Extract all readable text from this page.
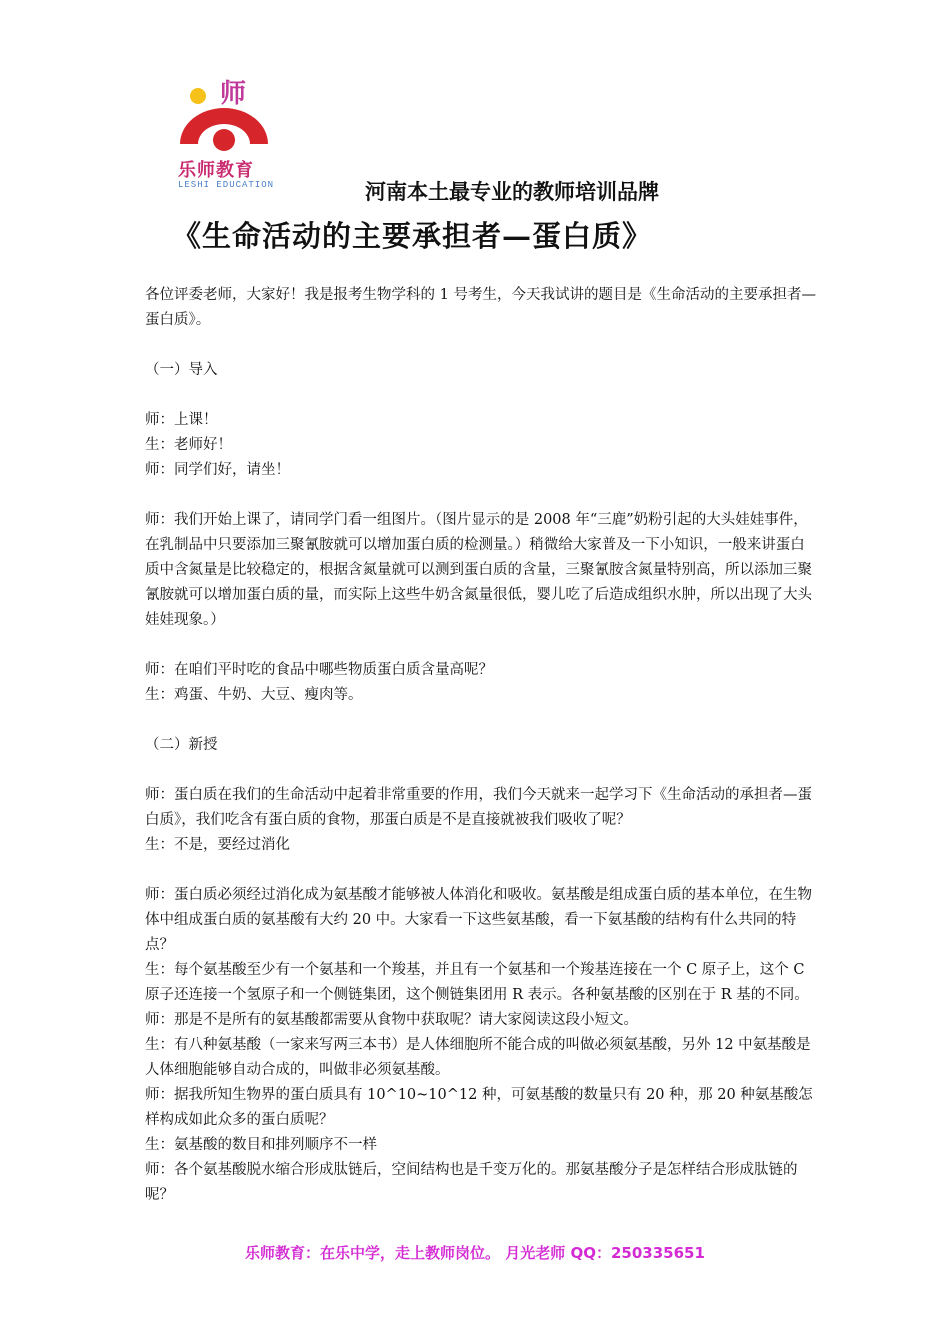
师
乐师教育
LESHI EDUCATION	河南本土最专业的教师培训品牌
《生命活动的主要承担者—蛋白质》

各位评委老师，大家好！我是报考生物学科的 1 号考生，今天我试讲的题目是《生命活动的主要承担者—蛋白质》。

（一）导入

师：上课！

生：老师好！

师：同学们好，请坐！

师：我们开始上课了，请同学门看一组图片。（图片显示的是 2008 年“三鹿”奶粉引起的大头娃娃事件，在乳制品中只要添加三聚氰胺就可以增加蛋白质的检测量。）稍微给大家普及一下小知识，一般来讲蛋白质中含氮量是比较稳定的，根据含氮量就可以测到蛋白质的含量，三聚氰胺含氮量特别高，所以添加三聚氰胺就可以增加蛋白质的量，而实际上这些牛奶含氮量很低，婴儿吃了后造成组织水肿，所以出现了大头娃娃现象。）

师：在咱们平时吃的食品中哪些物质蛋白质含量高呢？

生：鸡蛋、牛奶、大豆、瘦肉等。

（二）新授

师：蛋白质在我们的生命活动中起着非常重要的作用，我们今天就来一起学习下《生命活动的承担者—蛋白质》，我们吃含有蛋白质的食物，那蛋白质是不是直接就被我们吸收了呢？

生：不是，要经过消化

师：蛋白质必须经过消化成为氨基酸才能够被人体消化和吸收。氨基酸是组成蛋白质的基本单位，在生物体中组成蛋白质的氨基酸有大约 20 中。大家看一下这些氨基酸，看一下氨基酸的结构有什么共同的特点？

生：每个氨基酸至少有一个氨基和一个羧基，并且有一个氨基和一个羧基连接在一个 C 原子上，这个 C 原子还连接一个氢原子和一个侧链集团，这个侧链集团用 R 表示。各种氨基酸的区别在于 R 基的不同。

师：那是不是所有的氨基酸都需要从食物中获取呢？请大家阅读这段小短文。

生：有八种氨基酸（一家来写两三本书）是人体细胞所不能合成的叫做必须氨基酸，另外 12 中氨基酸是人体细胞能够自动合成的，叫做非必须氨基酸。

师：据我所知生物界的蛋白质具有 10^10~10^12 种，可氨基酸的数量只有 20 种，那 20 种氨基酸怎样构成如此众多的蛋白质呢？

生：氨基酸的数目和排列顺序不一样

师：各个氨基酸脱水缩合形成肽链后，空间结构也是千变万化的。那氨基酸分子是怎样结合形成肽链的呢？

乐师教育：在乐中学，走上教师岗位。 月光老师 QQ：250335651
